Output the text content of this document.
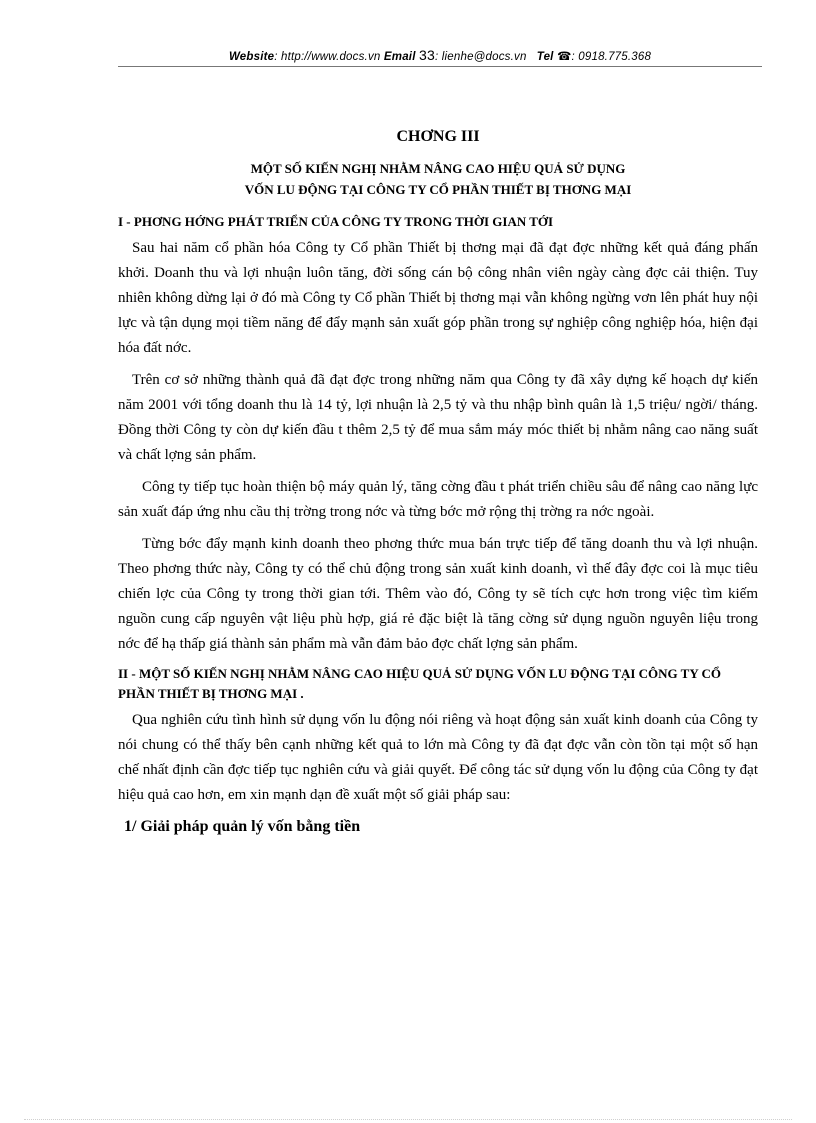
Website: http://www.docs.vn Email 33: lienhe@docs.vn Tel ☎: 0918.775.368
CHƠNG III
MỘT SỐ KIẾN NGHỊ NHẰM NÂNG CAO HIỆU QUẢ SỬ DỤNG
VỐN LU ĐỘNG TẠI CÔNG TY CỔ PHẦN THIẾT BỊ THƠNG MẠI
I - PHƠNG HỚNG PHÁT TRIỂN CỦA CÔNG TY TRONG THỜI GIAN TỚI

Sau hai năm cổ phần hóa Công ty Cổ phần Thiết bị thơng mại đã đạt đợc những kết quả đáng phấn khởi. Doanh thu và lợi nhuận luôn tăng, đời sống cán bộ công nhân viên ngày càng đợc cải thiện. Tuy nhiên không dừng lại ở đó mà Công ty Cổ phần Thiết bị thơng mại vẫn không ngừng vơn lên phát huy nội lực và tận dụng mọi tiềm năng để đẩy mạnh sản xuất góp phần trong sự nghiệp công nghiệp hóa, hiện đại hóa đất nớc.

Trên cơ sở những thành quả đã đạt đợc trong những năm qua Công ty đã xây dựng kế hoạch dự kiến năm 2001 với tổng doanh thu là 14 tỷ, lợi nhuận là 2,5 tỷ và thu nhập bình quân là 1,5 triệu/ ngời/ tháng. Đồng thời Công ty còn dự kiến đầu t thêm 2,5 tỷ để mua sắm máy móc thiết bị nhằm nâng cao năng suất và chất lợng sản phẩm.

Công ty tiếp tục hoàn thiện bộ máy quản lý, tăng cờng đầu t phát triển chiều sâu để nâng cao năng lực sản xuất đáp ứng nhu cầu thị trờng trong nớc và từng bớc mở rộng thị trờng ra nớc ngoài.

Từng bớc đẩy mạnh kinh doanh theo phơng thức mua bán trực tiếp để tăng doanh thu và lợi nhuận. Theo phơng thức này, Công ty có thể chủ động trong sản xuất kinh doanh, vì thế đây đợc coi là mục tiêu chiến lợc của Công ty trong thời gian tới. Thêm vào đó, Công ty sẽ tích cực hơn trong việc tìm kiếm nguồn cung cấp nguyên vật liệu phù hợp, giá rẻ đặc biệt là tăng cờng sử dụng nguồn nguyên liệu trong nớc để hạ thấp giá thành sản phẩm mà vẫn đảm bảo đợc chất lợng sản phẩm.

II - MỘT SỐ KIẾN NGHỊ NHẰM NÂNG CAO HIỆU QUẢ SỬ DỤNG VỐN LU ĐỘNG TẠI CÔNG TY CỔ PHẦN THIẾT BỊ THƠNG MẠI .

Qua nghiên cứu tình hình sử dụng vốn lu động nói riêng và hoạt động sản xuất kinh doanh của Công ty nói chung có thể thấy bên cạnh những kết quả to lớn mà Công ty đã đạt đợc vẫn còn tồn tại một số hạn chế nhất định cần đợc tiếp tục nghiên cứu và giải quyết. Để công tác sử dụng vốn lu động của Công ty đạt hiệu quả cao hơn, em xin mạnh dạn đề xuất một số giải pháp sau:

1/ Giải pháp quản lý vốn bằng tiền
